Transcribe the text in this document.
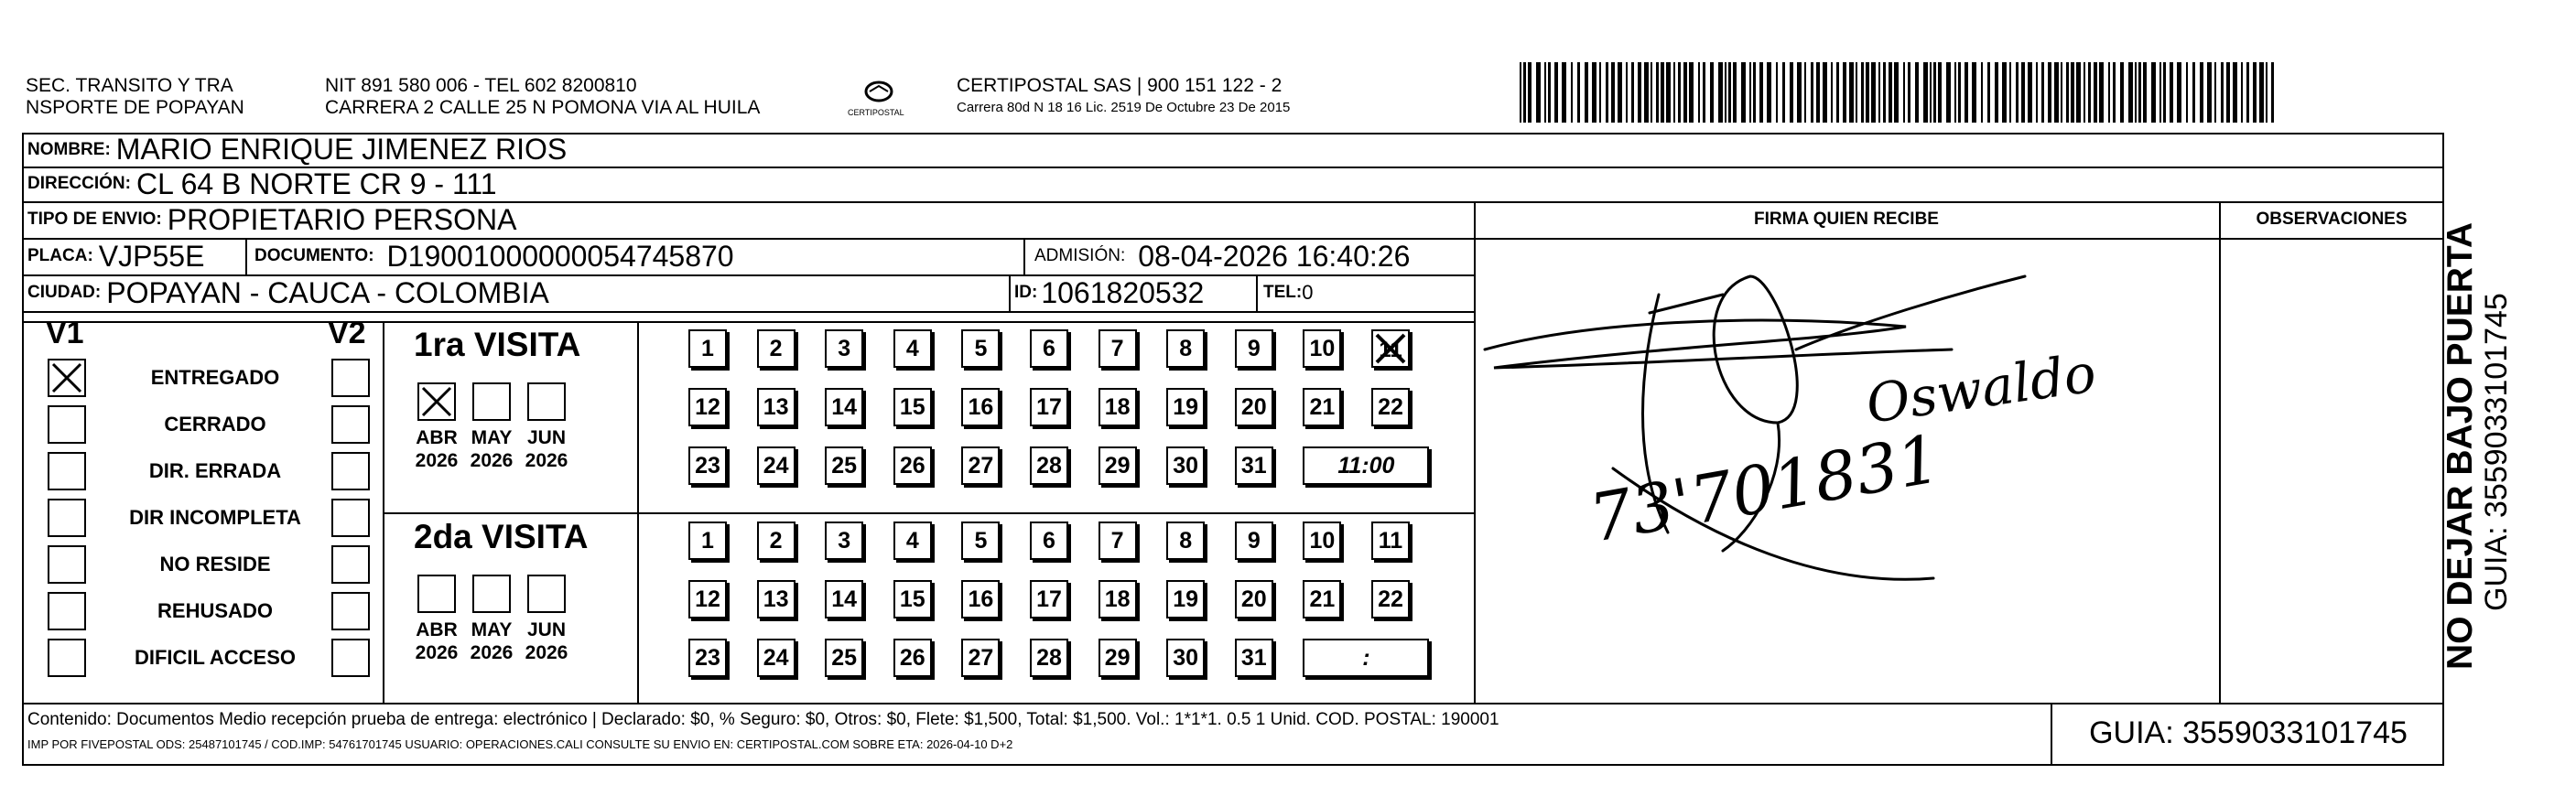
SEC. TRANSITO Y TRA
NSPORTE DE POPAYAN
NIT 891 580 006 - TEL 602 8200810
CARRERA 2 CALLE 25 N POMONA VIA AL HUILA	CERTIPOSTAL
CERTIPOSTAL SAS | 900 151 122 - 2
Carrera 80d N 18 16 Lic. 2519 De Octubre 23 De 2015
NOMBRE: MARIO ENRIQUE JIMENEZ RIOS
DIRECCIÓN: CL 64 B NORTE CR 9 - 111
TIPO DE ENVIO: PROPIETARIO PERSONA	FIRMA QUIEN RECIBE	OBSERVACIONES
PLACA: VJP55E	DOCUMENTO: D19001000000054745870	ADMISIÓN: 08-04-2026 16:40:26
CIUDAD: POPAYAN - CAUCA - COLOMBIA	ID: 1061820532	TEL: 0
V1	V2
ENTREGADO
CERRADO
DIR. ERRADA
DIR INCOMPLETA
NO RESIDE
REHUSADO
DIFICIL ACCESO
1ra VISITA
2da VISITA
ABR
2026
MAY
2026
JUN
2026
1	2	3	4	5	6	7	8	9	10 11
12 13 14 15 16 17 18 19 20 21 22
23 24 25 26 27 28 29 30 31	11:00
ABR
2026
MAY
2026
JUN
2026
1	2	3	4	5	6	7	8	9	10	11
12 13 14 15 16 17 18 19 20 21 22
23 24 25 26 27 28 29 30 31	:
Oswaldo
73'701831
Contenido: Documentos Medio recepción prueba de entrega: electrónico | Declarado: $0, % Seguro: $0, Otros: $0, Flete: $1,500, Total: $1,500. Vol.: 1*1*1. 0.5 1 Unid. COD. POSTAL: 190001
IMP POR FIVEPOSTAL ODS: 25487101745 / COD.IMP: 54761701745 USUARIO: OPERACIONES.CALI CONSULTE SU ENVIO EN: CERTIPOSTAL.COM SOBRE ETA: 2026-04-10 D+2	GUIA: 3559033101745
NO DEJAR BAJO PUERTA GUIA: 3559033101745
